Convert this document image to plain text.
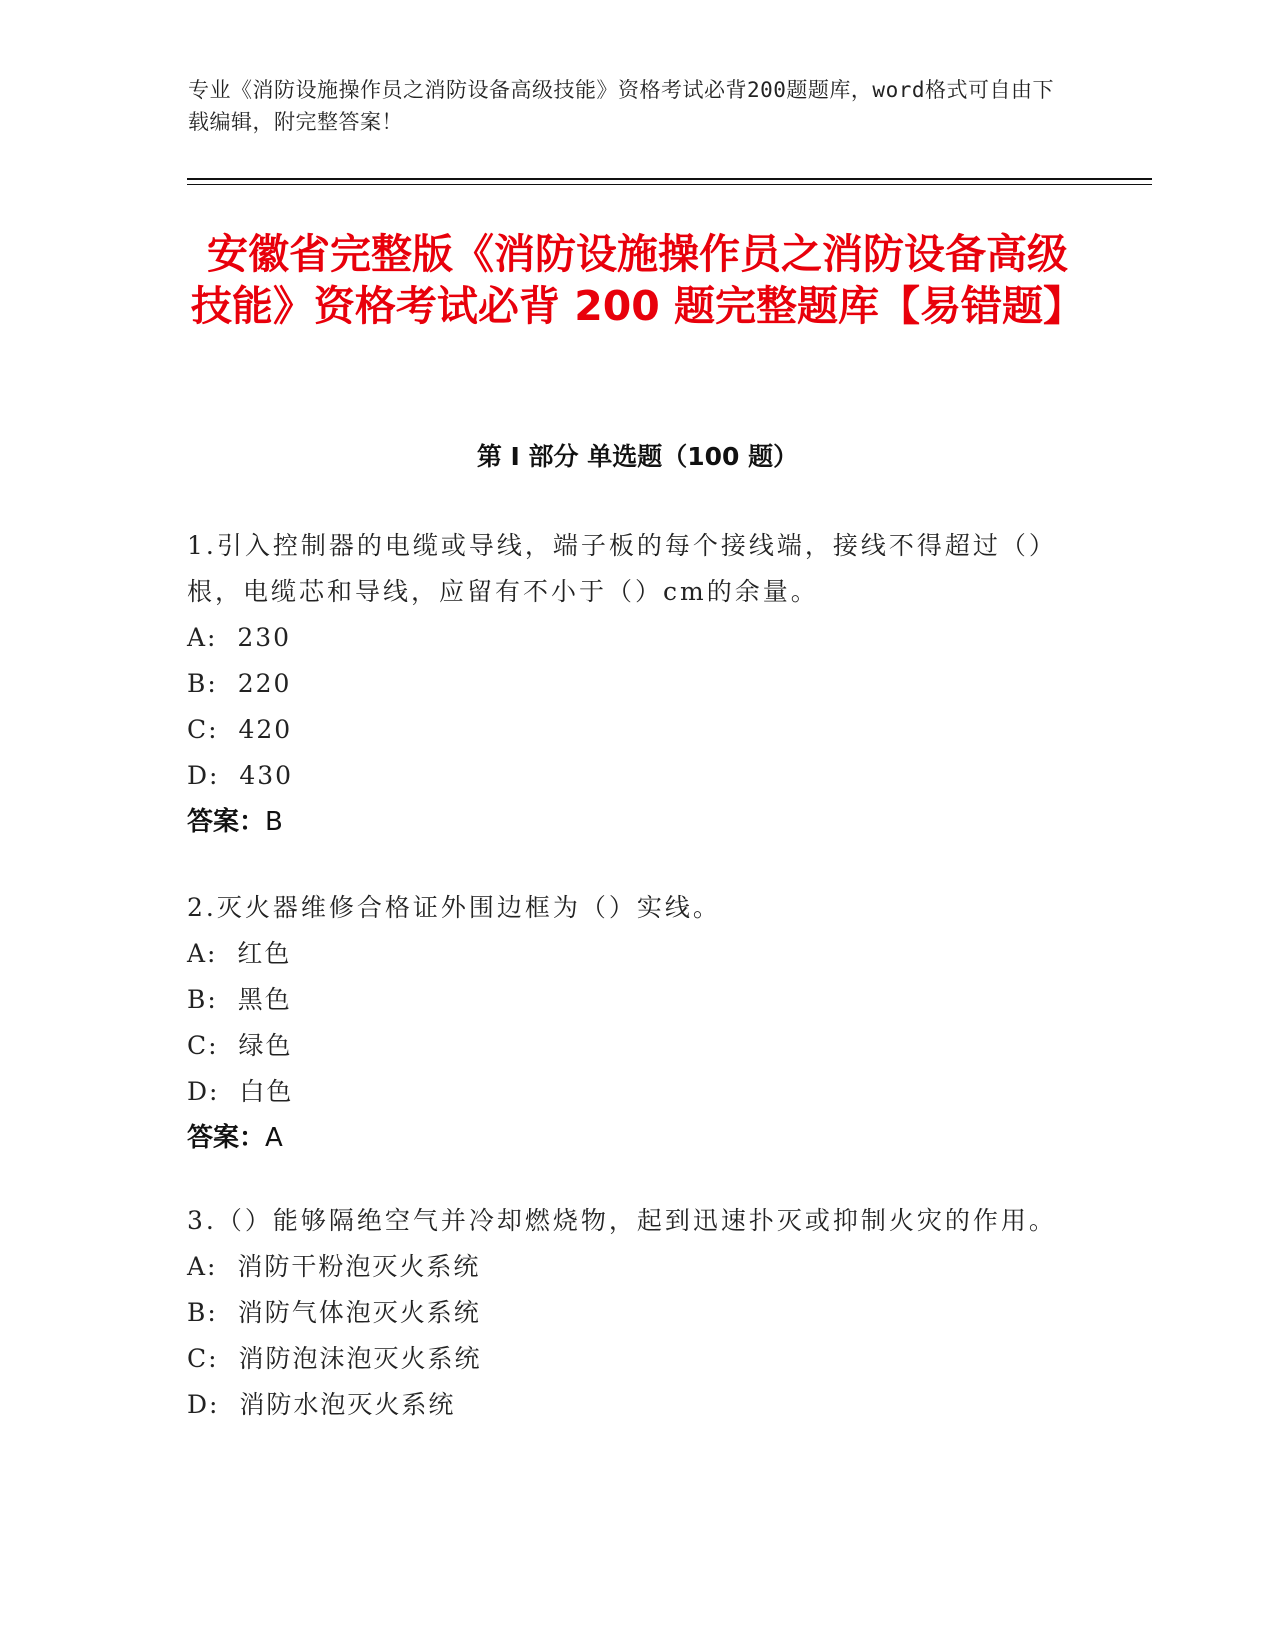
专业《消防设施操作员之消防设备高级技能》资格考试必背200题题库，word格式可自由下载编辑，附完整答案！
安徽省完整版《消防设施操作员之消防设备高级技能》资格考试必背 200 题完整题库【易错题】
第 I 部分 单选题（100 题）
1.引入控制器的电缆或导线，端子板的每个接线端，接线不得超过（）根，电缆芯和导线，应留有不小于（）cm的余量。
A:  230
B:  220
C:  420
D:  430
答案：B
2.灭火器维修合格证外围边框为（）实线。
A:  红色
B:  黑色
C:  绿色
D:  白色
答案：A
3.（）能够隔绝空气并冷却燃烧物，起到迅速扑灭或抑制火灾的作用。
A:  消防干粉泡灭火系统
B:  消防气体泡灭火系统
C:  消防泡沫泡灭火系统
D:  消防水泡灭火系统
